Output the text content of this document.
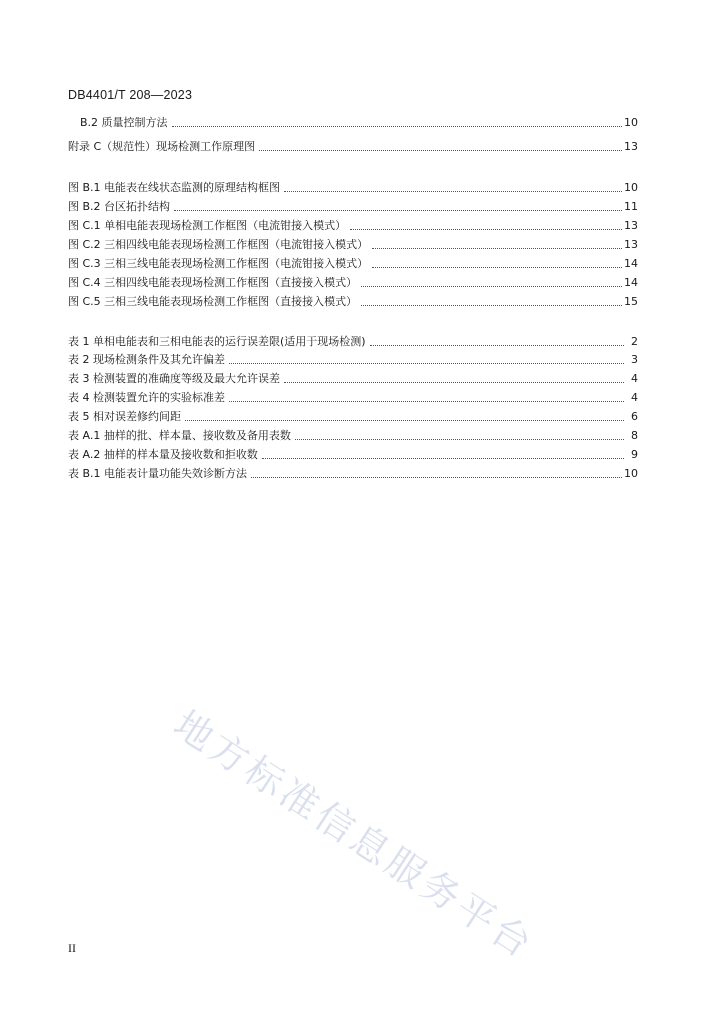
DB4401/T 208—2023
B.2 质量控制方法	10
附录 C（规范性）现场检测工作原理图	13
图 B.1 电能表在线状态监测的原理结构框图	10
图 B.2 台区拓扑结构	11
图 C.1 单相电能表现场检测工作框图（电流钳接入模式）	13
图 C.2 三相四线电能表现场检测工作框图（电流钳接入模式）	13
图 C.3 三相三线电能表现场检测工作框图（电流钳接入模式）	14
图 C.4 三相四线电能表现场检测工作框图（直接接入模式）	14
图 C.5 三相三线电能表现场检测工作框图（直接接入模式）	15
表 1 单相电能表和三相电能表的运行误差限(适用于现场检测)	2
表 2 现场检测条件及其允许偏差	3
表 3 检测装置的准确度等级及最大允许误差	4
表 4 检测装置允许的实验标准差	4
表 5 相对误差修约间距	6
表 A.1 抽样的批、样本量、接收数及备用表数	8
表 A.2 抽样的样本量及接收数和拒收数	9
表 B.1 电能表计量功能失效诊断方法	10
地方标准信息服务平台
II
